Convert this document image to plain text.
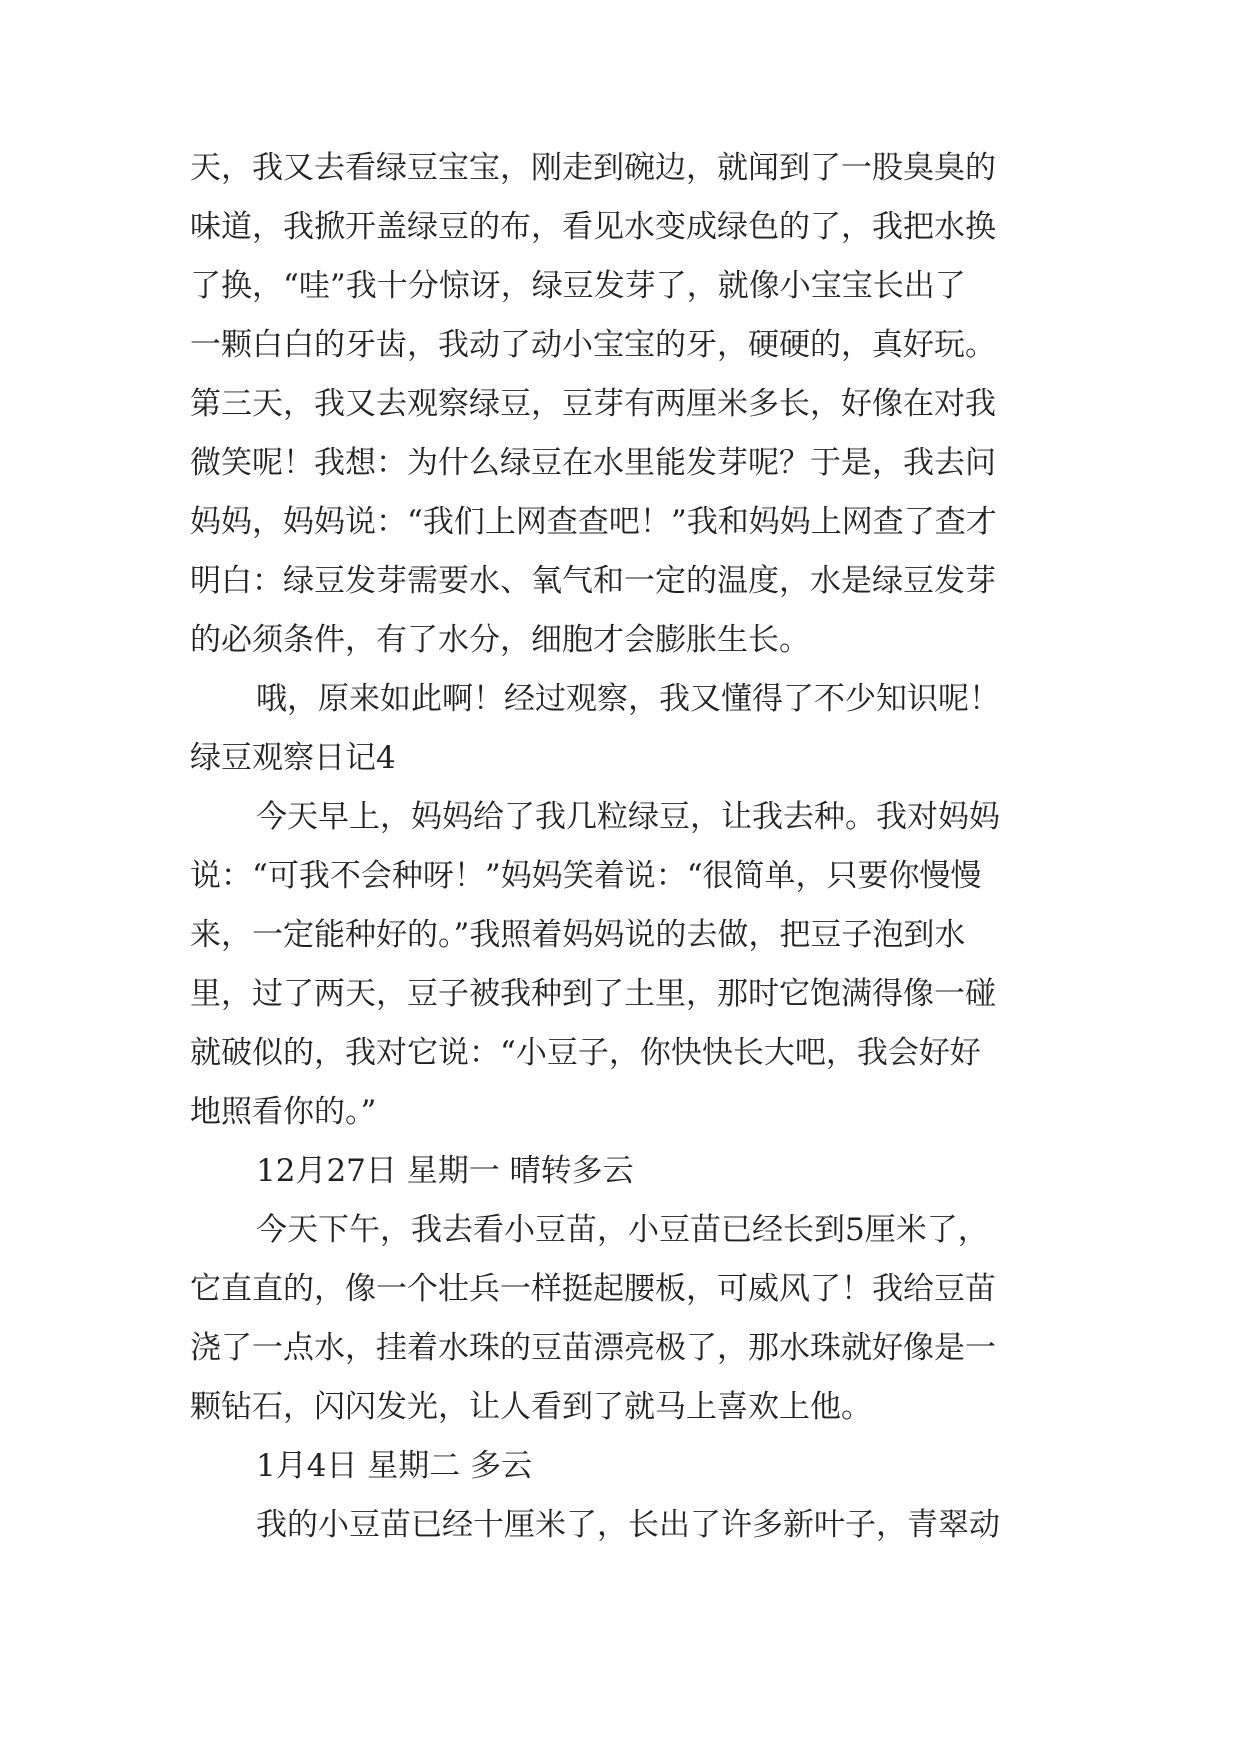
天，我又去看绿豆宝宝，刚走到碗边，就闻到了一股臭臭的
味道，我掀开盖绿豆的布，看见水变成绿色的了，我把水换
了换，“哇”我十分惊讶，绿豆发芽了，就像小宝宝长出了
一颗白白的牙齿，我动了动小宝宝的牙，硬硬的，真好玩。
第三天，我又去观察绿豆，豆芽有两厘米多长，好像在对我
微笑呢！我想：为什么绿豆在水里能发芽呢？于是，我去问
妈妈，妈妈说：“我们上网查查吧！”我和妈妈上网查了查才
明白：绿豆发芽需要水、氧气和一定的温度，水是绿豆发芽
的必须条件，有了水分，细胞才会膨胀生长。
哦，原来如此啊！经过观察，我又懂得了不少知识呢！
绿豆观察日记4
今天早上，妈妈给了我几粒绿豆，让我去种。我对妈妈
说：“可我不会种呀！”妈妈笑着说：“很简单，只要你慢慢
来，一定能种好的。”我照着妈妈说的去做，把豆子泡到水
里，过了两天，豆子被我种到了土里，那时它饱满得像一碰
就破似的，我对它说：“小豆子，你快快长大吧，我会好好
地照看你的。”
12月27日 星期一 晴转多云
今天下午，我去看小豆苗，小豆苗已经长到5厘米了，
它直直的，像一个壮兵一样挺起腰板，可威风了！我给豆苗
浇了一点水，挂着水珠的豆苗漂亮极了，那水珠就好像是一
颗钻石，闪闪发光，让人看到了就马上喜欢上他。
1月4日 星期二 多云
我的小豆苗已经十厘米了，长出了许多新叶子，青翠动
